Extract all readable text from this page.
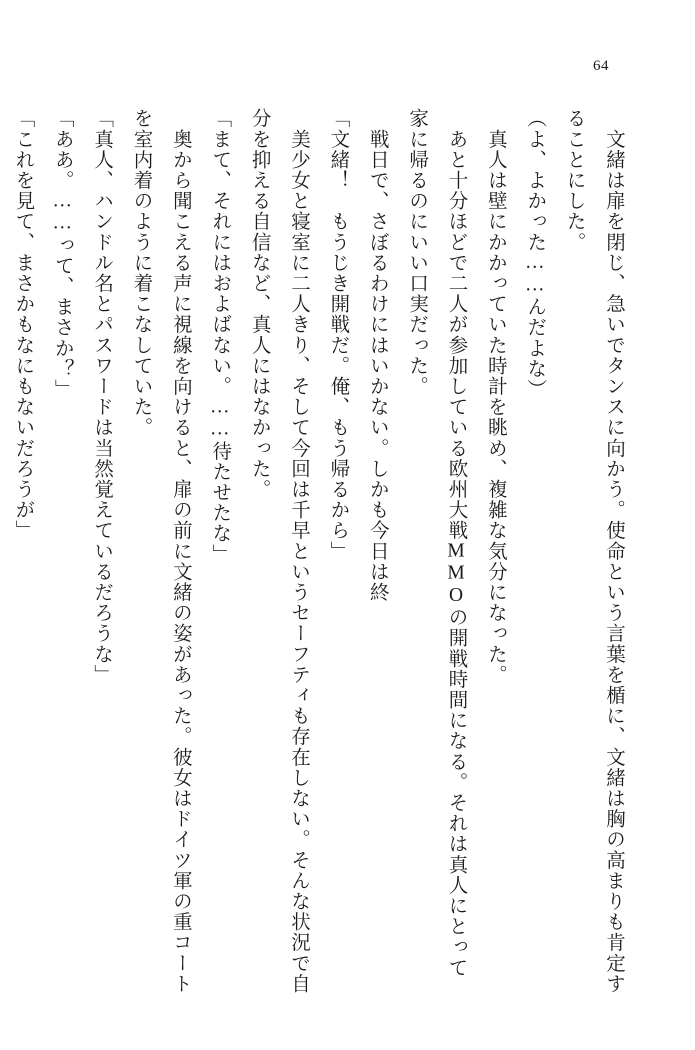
64

　文緒は扉を閉じ、急いでタンスに向かう。使命という言葉を楯に、文緒は胸の高まりも肯定することにした。

（よ、よかった……んだよな）

　真人は壁にかかっていた時計を眺め、複雑な気分になった。

　あと十分ほどで二人が参加している欧州大戦MMOの開戦時間になる。それは真人にとって家に帰るのにいい口実だった。

　戦日で、さぼるわけにはいかない。しかも今日は終

「文緒！　もうじき開戦だ。俺、もう帰るから」

　美少女と寝室に二人きり、そして今回は千早というセーフティも存在しない。そんな状況で自分を抑える自信など、真人にはなかった。

「まて、それにはおよばない。……待たせたな」

　奥から聞こえる声に視線を向けると、扉の前に文緒の姿があった。彼女はドイツ軍の重コートを室内着のように着こなしていた。

「真人、ハンドル名とパスワードは当然覚えているだろうな」

「ああ。……って、まさか？」

「これを見て、まさかもなにもないだろうが」
